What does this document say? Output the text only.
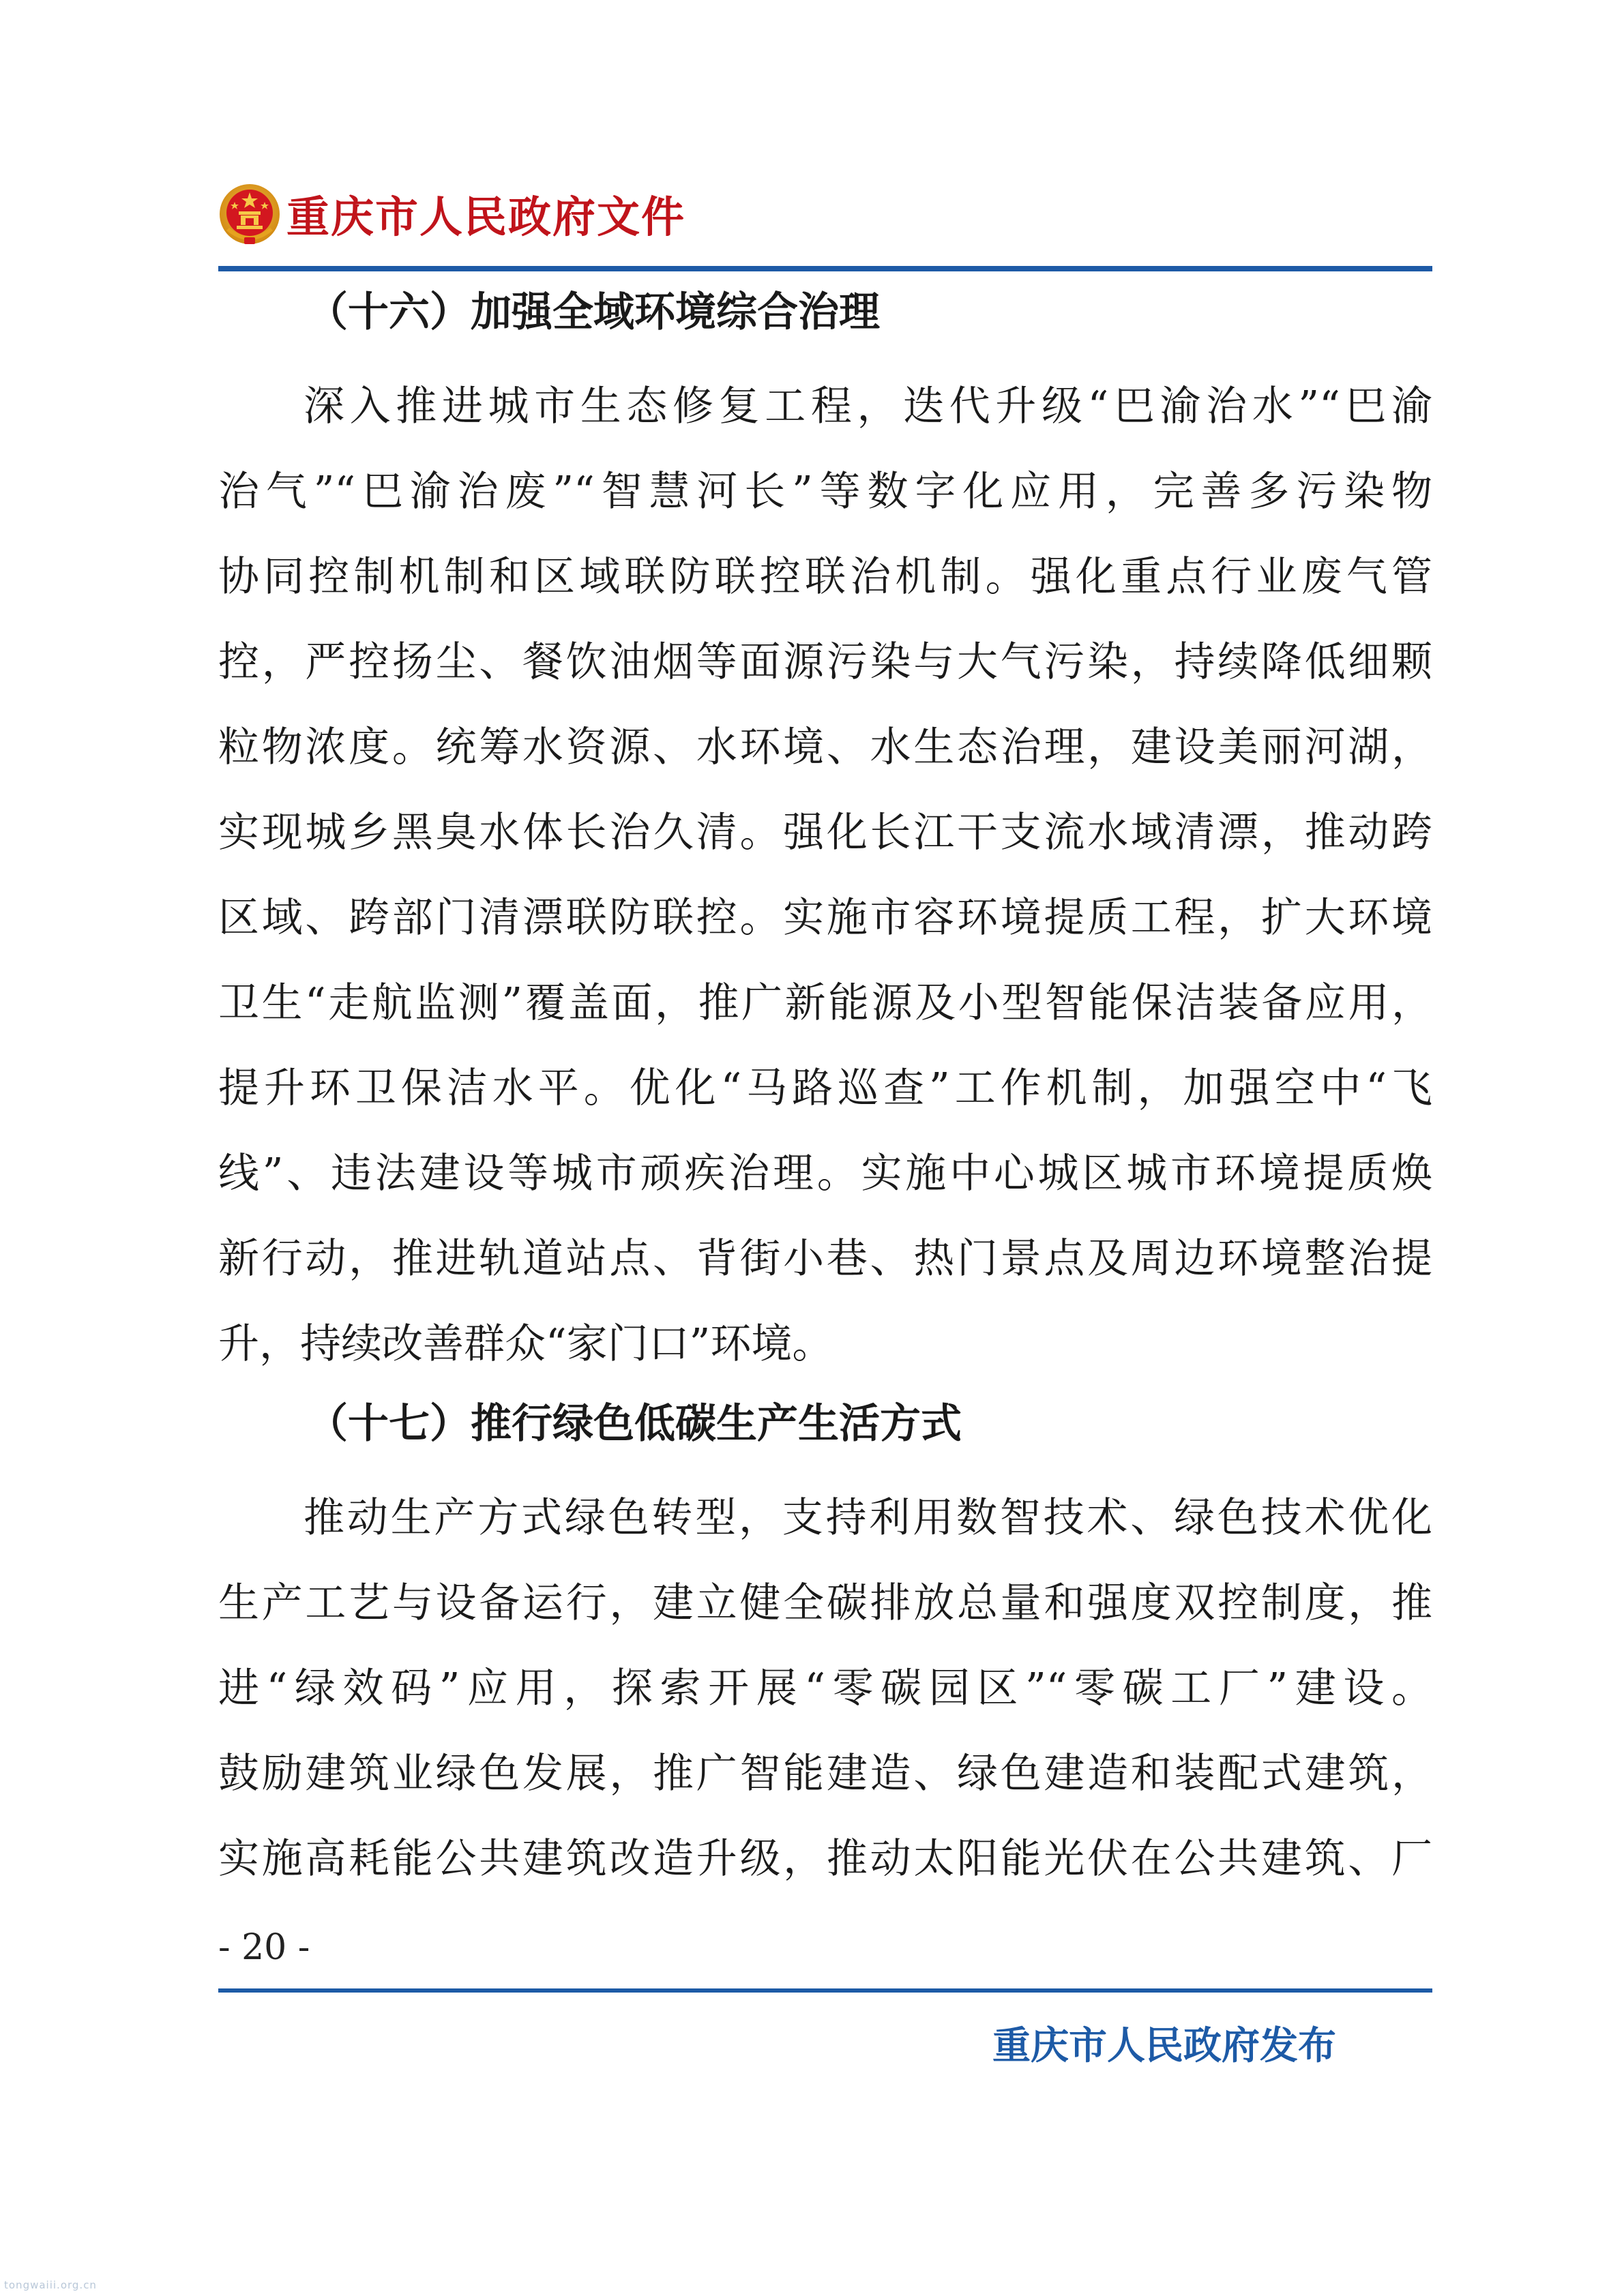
重庆市人民政府文件
（十六）加强全域环境综合治理
深入推进城市生态修复工程，迭代升级“巴渝治水”“巴渝
治气”“巴渝治废”“智慧河长”等数字化应用，完善多污染物
协同控制机制和区域联防联控联治机制。强化重点行业废气管
控，严控扬尘、餐饮油烟等面源污染与大气污染，持续降低细颗
粒物浓度。统筹水资源、水环境、水生态治理，建设美丽河湖，
实现城乡黑臭水体长治久清。强化长江干支流水域清漂，推动跨
区域、跨部门清漂联防联控。实施市容环境提质工程，扩大环境
卫生“走航监测”覆盖面，推广新能源及小型智能保洁装备应用，
提升环卫保洁水平。优化“马路巡查”工作机制，加强空中“飞
线”、违法建设等城市顽疾治理。实施中心城区城市环境提质焕
新行动，推进轨道站点、背街小巷、热门景点及周边环境整治提
升，持续改善群众“家门口”环境。
（十七）推行绿色低碳生产生活方式
推动生产方式绿色转型，支持利用数智技术、绿色技术优化
生产工艺与设备运行，建立健全碳排放总量和强度双控制度，推
进“绿效码”应用，探索开展“零碳园区”“零碳工厂”建设。
鼓励建筑业绿色发展，推广智能建造、绿色建造和装配式建筑，
实施高耗能公共建筑改造升级，推动太阳能光伏在公共建筑、厂
- 20 -
重庆市人民政府发布
tongwaiii.org.cn
